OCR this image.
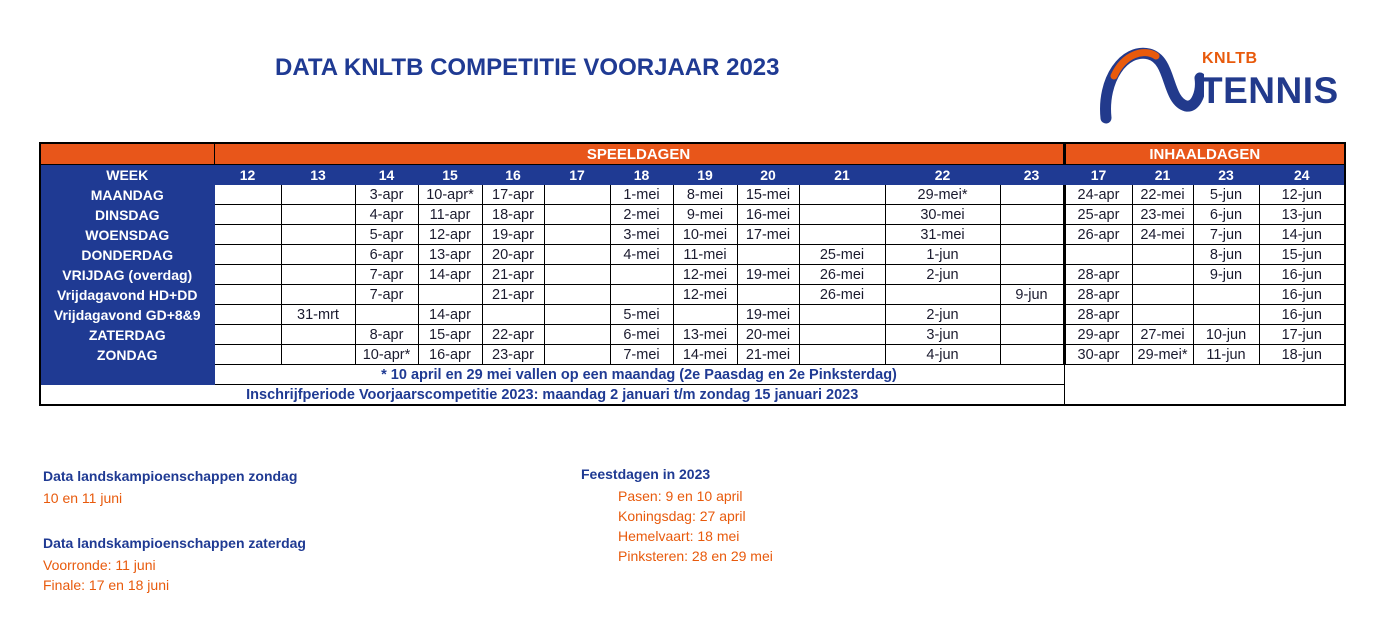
DATA KNLTB COMPETITIE VOORJAAR 2023	KNLTB
TENNIS
	SPEELDAGEN												INHAALDAGEN			
WEEK	12	13	14	15	16	17	18	19	20	21	22	23	17	21	23	24
MAANDAG			3-apr	10-apr*	17-apr		1-mei	8-mei	15-mei		29-mei*		24-apr	22-mei	5-jun	12-jun
DINSDAG			4-apr	11-apr	18-apr		2-mei	9-mei	16-mei		30-mei		25-apr	23-mei	6-jun	13-jun
WOENSDAG			5-apr	12-apr	19-apr		3-mei	10-mei	17-mei		31-mei		26-apr	24-mei	7-jun	14-jun
DONDERDAG			6-apr	13-apr	20-apr		4-mei	11-mei		25-mei	1-jun				8-jun	15-jun
VRIJDAG (overdag)			7-apr	14-apr	21-apr			12-mei	19-mei	26-mei	2-jun		28-apr		9-jun	16-jun
Vrijdagavond HD+DD			7-apr		21-apr			12-mei		26-mei		9-jun	28-apr			16-jun
Vrijdagavond GD+8&9		31-mrt		14-apr			5-mei		19-mei		2-jun		28-apr			16-jun
ZATERDAG			8-apr	15-apr	22-apr		6-mei	13-mei	20-mei		3-jun		29-apr	27-mei	10-jun	17-jun
ZONDAG			10-apr*	16-apr	23-apr		7-mei	14-mei	21-mei		4-jun		30-apr	29-mei*	11-jun	18-jun
	* 10 april en 29 mei vallen op een maandag (2e Paasdag en 2e Pinksterdag)															
Inschrijfperiode Voorjaarscompetitie 2023: maandag 2 januari t/m zondag 15 januari 2023																
Data landskampioenschappen zondag
10 en 11 juni
Data landskampioenschappen zaterdag
Voorronde: 11 juni
Finale: 17 en 18 juni
Feestdagen in 2023
Pasen: 9 en 10 april
Koningsdag: 27 april
Hemelvaart: 18 mei
Pinksteren: 28 en 29 mei
